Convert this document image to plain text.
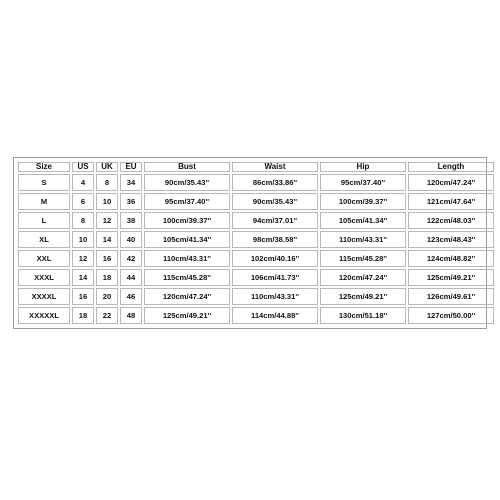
Size	US	UK	EU	Bust	Waist	Hip	Length
S	4	8	34	90cm/35.43''	86cm/33.86''	95cm/37.40''	120cm/47.24''
M	6	10	36	95cm/37.40''	90cm/35.43''	100cm/39.37''	121cm/47.64''
L	8	12	38	100cm/39.37''	94cm/37.01''	105cm/41.34''	122cm/48.03''
XL	10	14	40	105cm/41.34''	98cm/38.58''	110cm/43.31''	123cm/48.43''
XXL	12	16	42	110cm/43.31''	102cm/40.16''	115cm/45.28''	124cm/48.82''
XXXL	14	18	44	115cm/45.28''	106cm/41.73''	120cm/47.24''	125cm/49.21''
XXXXL	16	20	46	120cm/47.24''	110cm/43.31''	125cm/49.21''	126cm/49.61''
XXXXXL	18	22	48	125cm/49.21''	114cm/44.88''	130cm/51.18''	127cm/50.00''
